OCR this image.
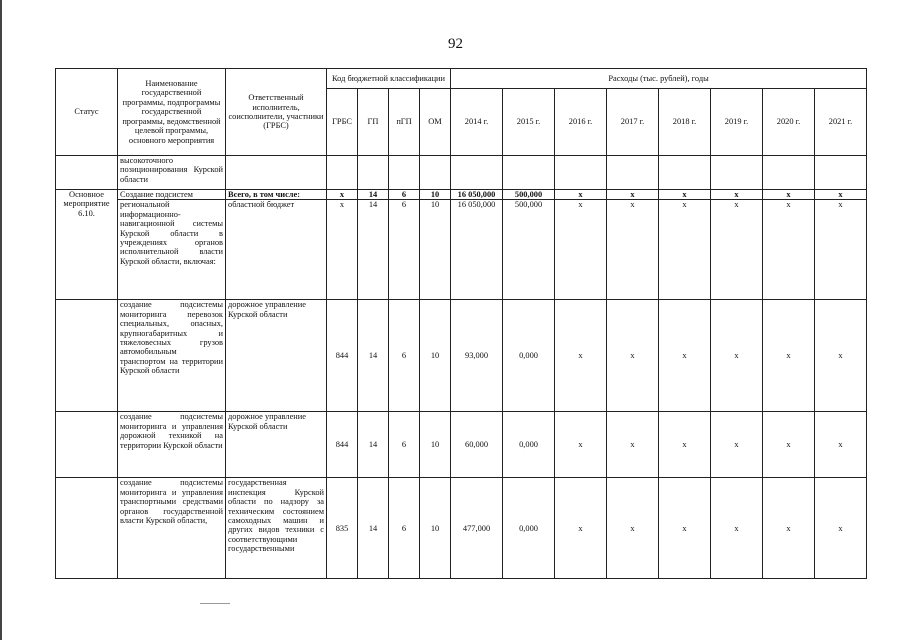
92
Статус	Наименование государственной программы, подпрограммы государственной программы, ведомственной целевой программы, основного мероприятия	Ответственный исполнитель, соисполнители, участники (ГРБС)	Код бюджетной классификации				Расходы (тыс. рублей), годы							
			ГРБС	ГП	пГП	ОМ	2014 г.	2015 г.	2016 г.	2017 г.	2018 г.	2019 г.	2020 г.	2021 г.
	высокоточного позиционирования Курской области													
Основное мероприятие 6.10.	Создание подсистем	Всего, в том числе:	х	14	6	10	16 050,000	500,000	х	х	х	х	х	х
	региональной информационно-навигационной системы Курской области в учреждениях органов исполнительной власти Курской области, включая:	областной бюджет	х	14	6	10	16 050,000	500,000	х	х	х	х	х	х
	создание подсистемы мониторинга перевозок специальных, опасных, крупногабаритных и тяжеловесных грузов автомобильным транспортом на территории Курской области	дорожное управление Курской области	844	14	6	10	93,000	0,000	х	х	х	х	х	х
	создание подсистемы мониторинга и управления дорожной техникой на территории Курской области	дорожное управление Курской области	844	14	6	10	60,000	0,000	х	х	х	х	х	х
	создание подсистемы мониторинга и управления транспортными средствами органов государственной власти Курской области,	государственная инспекция Курской области по надзору за техническим состоянием самоходных машин и других видов техники с соответствующими государственными	835	14	6	10	477,000	0,000	х	х	х	х	х	х
